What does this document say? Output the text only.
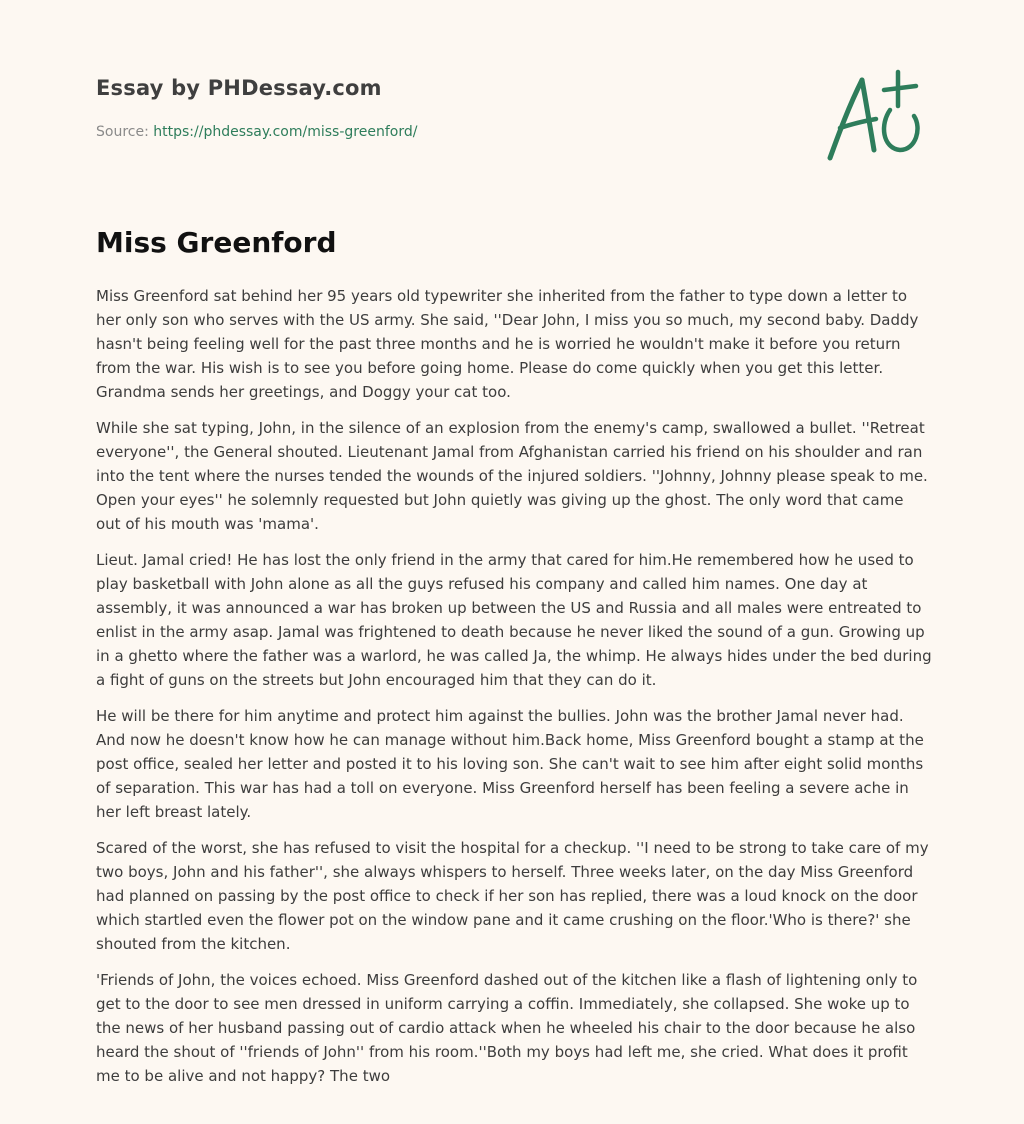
Essay by PHDessay.com
Source: https://phdessay.com/miss-greenford/
Miss Greenford

Miss Greenford sat behind her 95 years old typewriter she inherited from the father to type down a letter to her only son who serves with the US army. She said, ''Dear John, I miss you so much, my second baby. Daddy hasn't being feeling well for the past three months and he is worried he wouldn't make it before you return from the war. His wish is to see you before going home. Please do come quickly when you get this letter. Grandma sends her greetings, and Doggy your cat too.

While she sat typing, John, in the silence of an explosion from the enemy's camp, swallowed a bullet. ''Retreat everyone'', the General shouted. Lieutenant Jamal from Afghanistan carried his friend on his shoulder and ran into the tent where the nurses tended the wounds of the injured soldiers. ''Johnny, Johnny please speak to me. Open your eyes'' he solemnly requested but John quietly was giving up the ghost. The only word that came out of his mouth was 'mama'.

Lieut. Jamal cried! He has lost the only friend in the army that cared for him.He remembered how he used to play basketball with John alone as all the guys refused his company and called him names. One day at assembly, it was announced a war has broken up between the US and Russia and all males were entreated to enlist in the army asap. Jamal was frightened to death because he never liked the sound of a gun. Growing up in a ghetto where the father was a warlord, he was called Ja, the whimp. He always hides under the bed during a fight of guns on the streets but John encouraged him that they can do it.

He will be there for him anytime and protect him against the bullies. John was the brother Jamal never had. And now he doesn't know how he can manage without him.Back home, Miss Greenford bought a stamp at the post office, sealed her letter and posted it to his loving son. She can't wait to see him after eight solid months of separation. This war has had a toll on everyone. Miss Greenford herself has been feeling a severe ache in her left breast lately.

Scared of the worst, she has refused to visit the hospital for a checkup. ''I need to be strong to take care of my two boys, John and his father'', she always whispers to herself. Three weeks later, on the day Miss Greenford had planned on passing by the post office to check if her son has replied, there was a loud knock on the door which startled even the flower pot on the window pane and it came crushing on the floor.'Who is there?' she shouted from the kitchen.

'Friends of John, the voices echoed. Miss Greenford dashed out of the kitchen like a flash of lightening only to get to the door to see men dressed in uniform carrying a coffin. Immediately, she collapsed. She woke up to the news of her husband passing out of cardio attack when he wheeled his chair to the door because he also heard the shout of ''friends of John'' from his room.''Both my boys had left me, she cried. What does it profit me to be alive and not happy? The two
